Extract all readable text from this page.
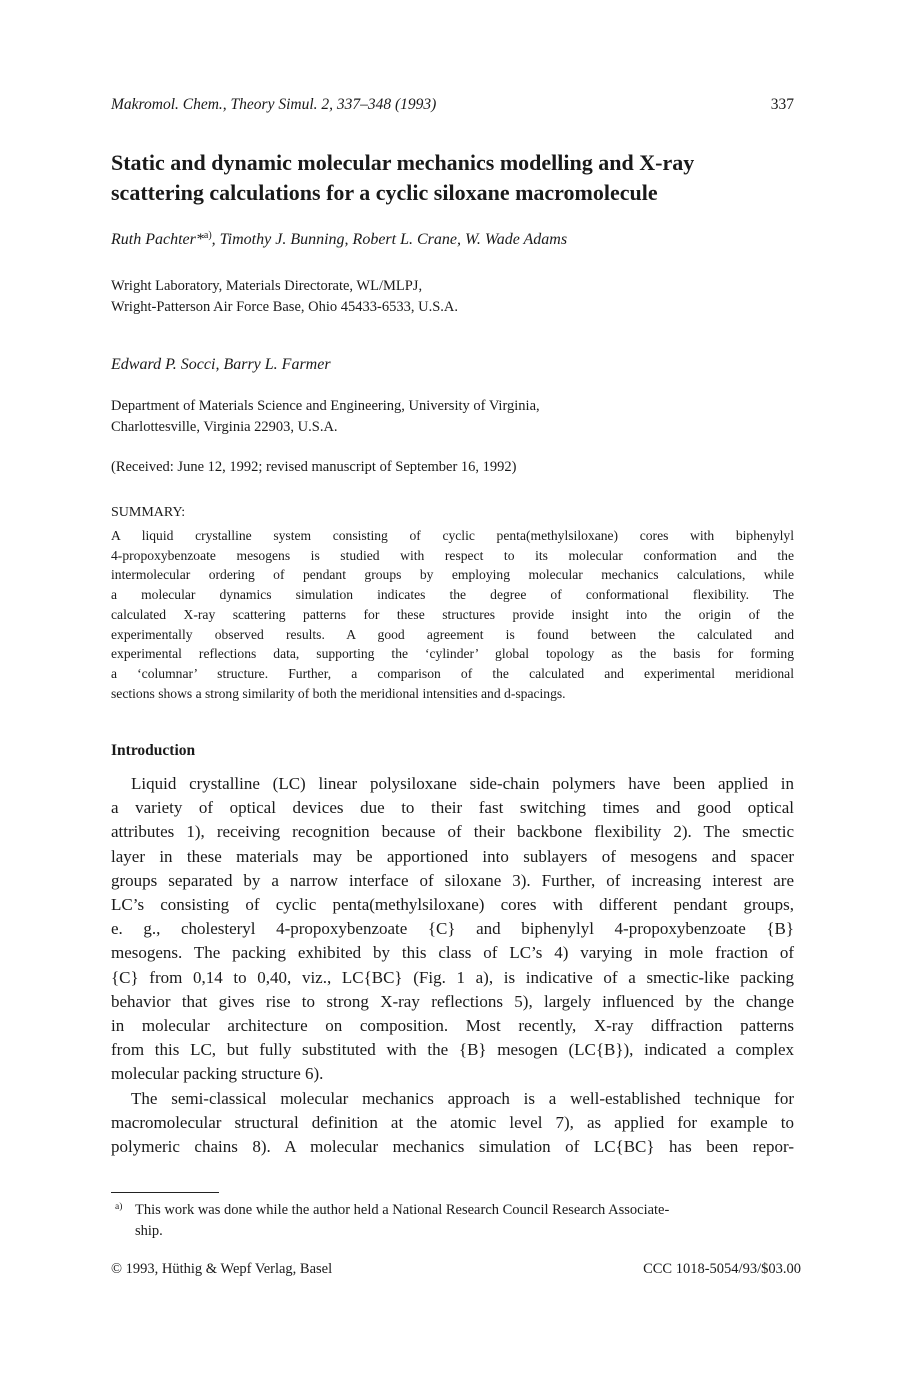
Makromol. Chem., Theory Simul. 2, 337–348 (1993)	337
Static and dynamic molecular mechanics modelling and X-ray
scattering calculations for a cyclic siloxane macromolecule
Ruth Pachter*$^{a)}$, Timothy J. Bunning, Robert L. Crane, W. Wade Adams
Wright Laboratory, Materials Directorate, WL/MLPJ,
Wright-Patterson Air Force Base, Ohio 45433-6533, U.S.A.
Edward P. Socci, Barry L. Farmer
Department of Materials Science and Engineering, University of Virginia,
Charlottesville, Virginia 22903, U.S.A.
(Received: June 12, 1992; revised manuscript of September 16, 1992)
SUMMARY:
A liquid crystalline system consisting of cyclic penta(methylsiloxane) cores with biphenylyl
4-propoxybenzoate mesogens is studied with respect to its molecular conformation and the
intermolecular ordering of pendant groups by employing molecular mechanics calculations, while
a molecular dynamics simulation indicates the degree of conformational flexibility. The
calculated X-ray scattering patterns for these structures provide insight into the origin of the
experimentally observed results. A good agreement is found between the calculated and
experimental reflections data, supporting the ‘cylinder’ global topology as the basis for forming
a ‘columnar’ structure. Further, a comparison of the calculated and experimental meridional
sections shows a strong similarity of both the meridional intensities and d-spacings.
Introduction
Liquid crystalline (LC) linear polysiloxane side-chain polymers have been applied in
a variety of optical devices due to their fast switching times and good optical
attributes 1), receiving recognition because of their backbone flexibility 2). The smectic
layer in these materials may be apportioned into sublayers of mesogens and spacer
groups separated by a narrow interface of siloxane 3). Further, of increasing interest are
LC’s consisting of cyclic penta(methylsiloxane) cores with different pendant groups,
e. g., cholesteryl 4-propoxybenzoate {C} and biphenylyl 4-propoxybenzoate {B}
mesogens. The packing exhibited by this class of LC’s 4) varying in mole fraction of
{C} from 0,14 to 0,40, viz., LC{BC} (Fig. 1 a), is indicative of a smectic-like packing
behavior that gives rise to strong X-ray reflections 5), largely influenced by the change
in molecular architecture on composition. Most recently, X-ray diffraction patterns
from this LC, but fully substituted with the {B} mesogen (LC{B}), indicated a complex
molecular packing structure 6).
The semi-classical molecular mechanics approach is a well-established technique for
macromolecular structural definition at the atomic level 7), as applied for example to
polymeric chains 8). A molecular mechanics simulation of LC{BC} has been repor-
a) This work was done while the author held a National Research Council Research Associate-
ship.
© 1993, Hüthig & Wepf Verlag, Basel	CCC 1018-5054/93/$03.00
